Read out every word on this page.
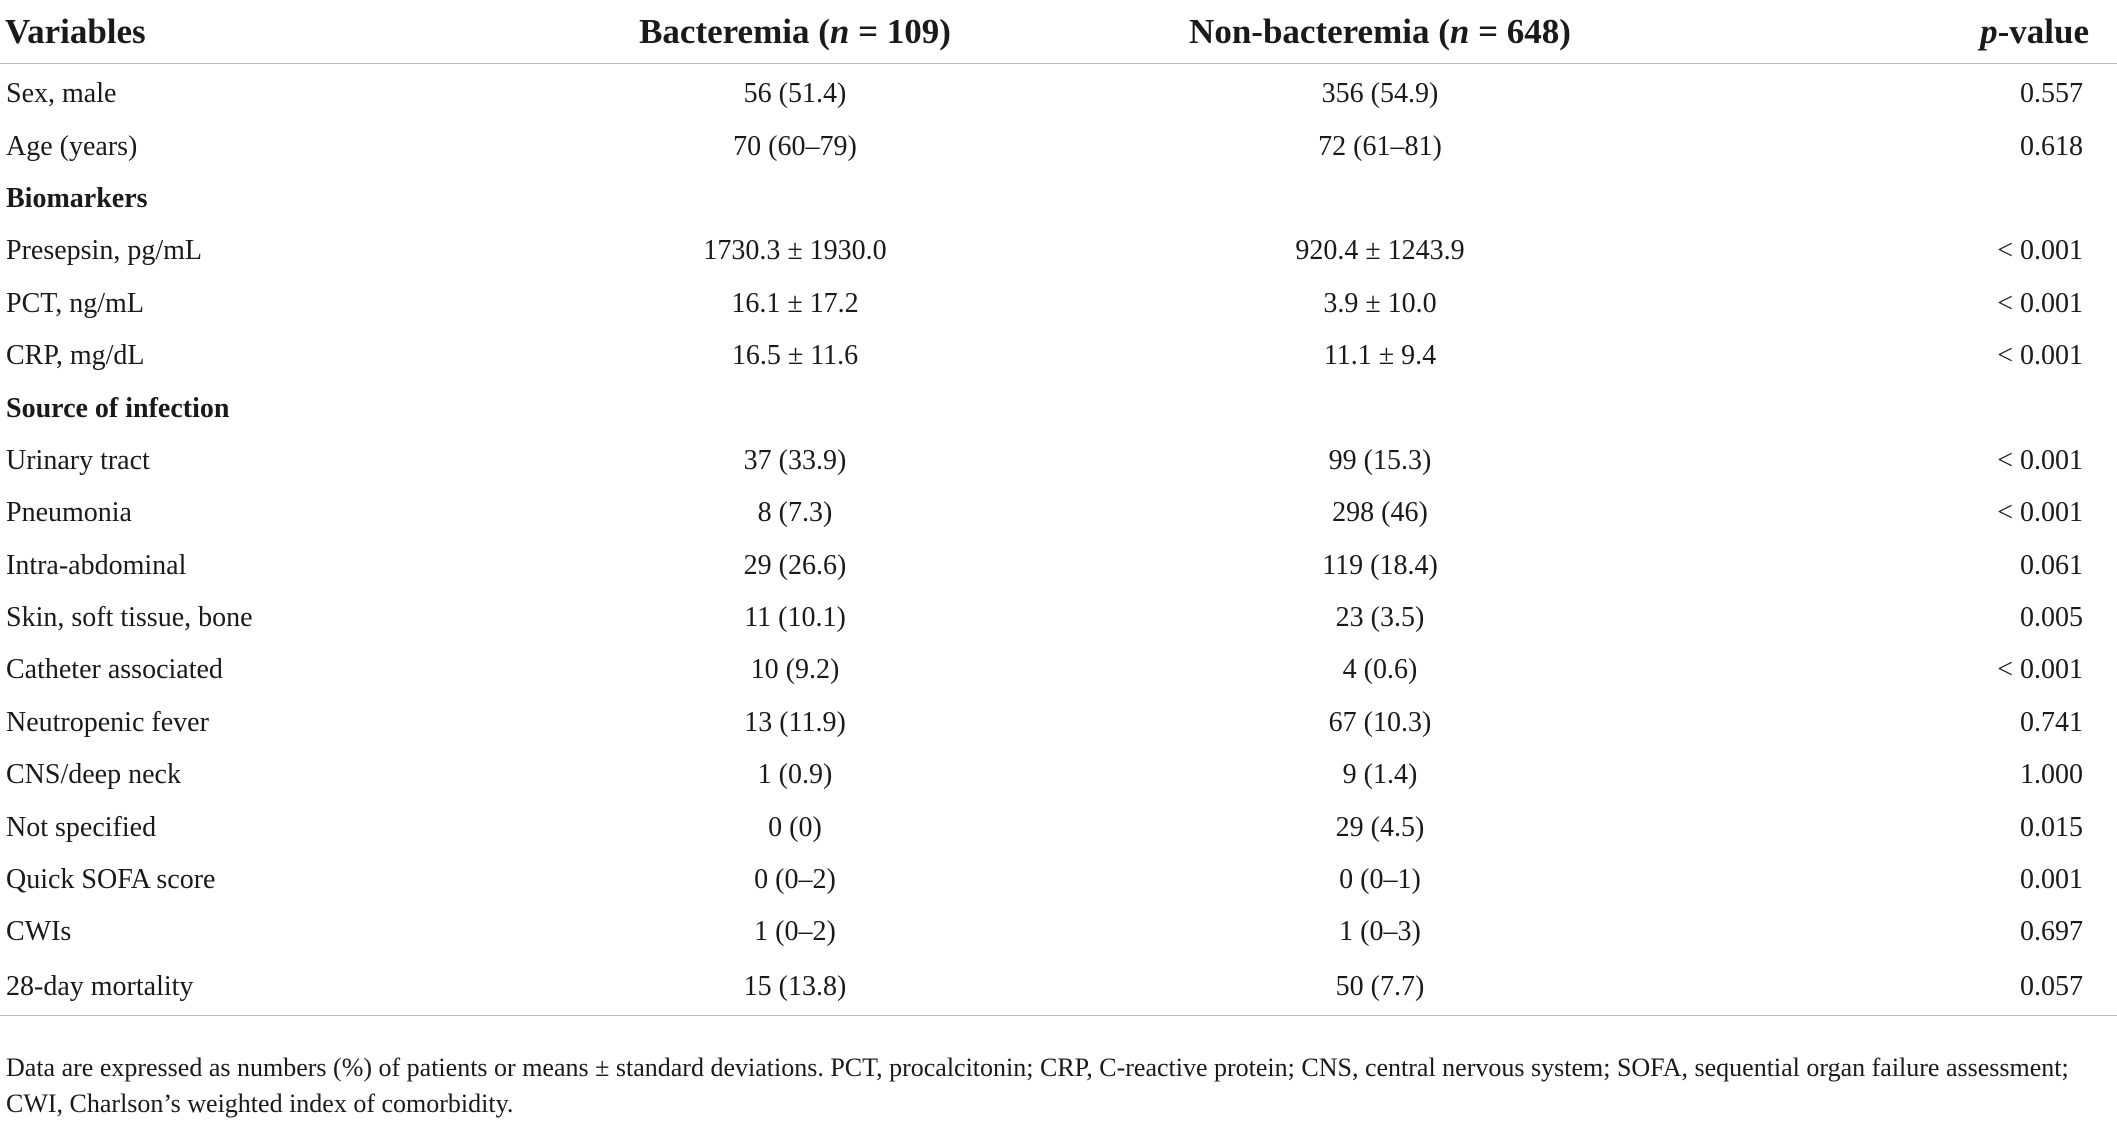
Variables	Bacteremia (n = 109)	Non-bacteremia (n = 648)	p-value
Sex, male	56 (51.4)	356 (54.9)	0.557
Age (years)	70 (60–79)	72 (61–81)	0.618
Biomarkers			
Presepsin, pg/mL	1730.3 ± 1930.0	920.4 ± 1243.9	< 0.001
PCT, ng/mL	16.1 ± 17.2	3.9 ± 10.0	< 0.001
CRP, mg/dL	16.5 ± 11.6	11.1 ± 9.4	< 0.001
Source of infection			
Urinary tract	37 (33.9)	99 (15.3)	< 0.001
Pneumonia	8 (7.3)	298 (46)	< 0.001
Intra-abdominal	29 (26.6)	119 (18.4)	0.061
Skin, soft tissue, bone	11 (10.1)	23 (3.5)	0.005
Catheter associated	10 (9.2)	4 (0.6)	< 0.001
Neutropenic fever	13 (11.9)	67 (10.3)	0.741
CNS/deep neck	1 (0.9)	9 (1.4)	1.000
Not specified	0 (0)	29 (4.5)	0.015
Quick SOFA score	0 (0–2)	0 (0–1)	0.001
CWIs	1 (0–2)	1 (0–3)	0.697
28-day mortality	15 (13.8)	50 (7.7)	0.057
Data are expressed as numbers (%) of patients or means ± standard deviations. PCT, procalcitonin; CRP, C-reactive protein; CNS, central nervous system; SOFA, sequential organ failure assessment;
CWI, Charlson’s weighted index of comorbidity.
